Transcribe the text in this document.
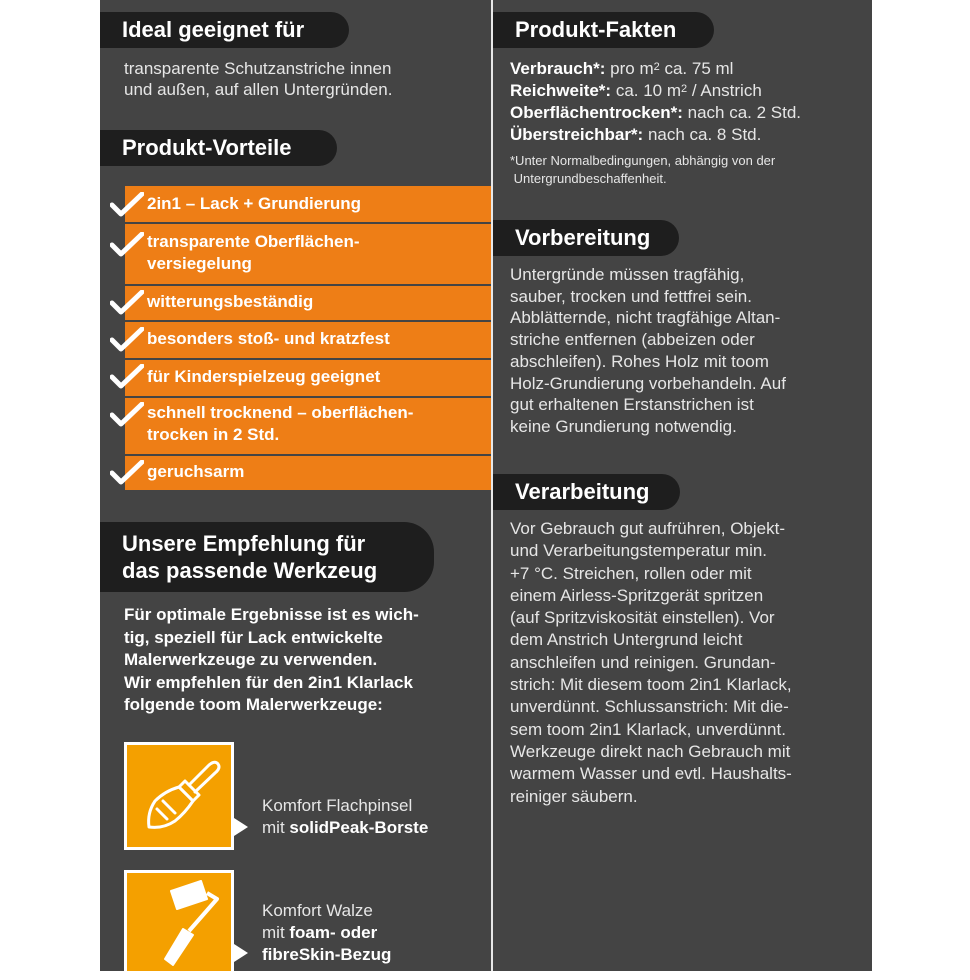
Ideal geeignet für
transparente Schutzanstriche innen
und außen, auf allen Untergründen.
Produkt-Vorteile
2in1 – Lack + Grundierung
transparente Oberflächen-
versiegelung
witterungsbeständig
besonders stoß- und kratzfest
für Kinderspielzeug geeignet
schnell trocknend – oberflächen-
trocken in 2 Std.
geruchsarm
Unsere Empfehlung für
das passende Werkzeug
Für optimale Ergebnisse ist es wich-
tig, speziell für Lack entwickelte
Malerwerkzeuge zu verwenden.
Wir empfehlen für den 2in1 Klarlack
folgende toom Malerwerkzeuge:
Komfort Flachpinsel
mit solidPeak-Borste
Komfort Walze
mit foam- oder
fibreSkin-Bezug
Produkt-Fakten
Verbrauch*: pro $m^2$ ca. 75 ml
Reichweite*: ca. 10 $m^2$ / Anstrich
Oberflächentrocken*: nach ca. 2 Std.
Überstreichbar*: nach ca. 8 Std.
*Unter Normalbedingungen, abhängig von der
Untergrundbeschaffenheit.
Vorbereitung
Untergründe müssen tragfähig,
sauber, trocken und fettfrei sein.
Abblätternde, nicht tragfähige Altan-
striche entfernen (abbeizen oder
abschleifen). Rohes Holz mit toom
Holz-Grundierung vorbehandeln. Auf
gut erhaltenen Erstanstrichen ist
keine Grundierung notwendig.
Verarbeitung
Vor Gebrauch gut aufrühren, Objekt-
und Verarbeitungstemperatur min.
+7 °C. Streichen, rollen oder mit
einem Airless-Spritzgerät spritzen
(auf Spritzviskosität einstellen). Vor
dem Anstrich Untergrund leicht
anschleifen und reinigen. Grundan-
strich: Mit diesem toom 2in1 Klarlack,
unverdünnt. Schlussanstrich: Mit die-
sem toom 2in1 Klarlack, unverdünnt.
Werkzeuge direkt nach Gebrauch mit
warmem Wasser und evtl. Haushalts-
reiniger säubern.
